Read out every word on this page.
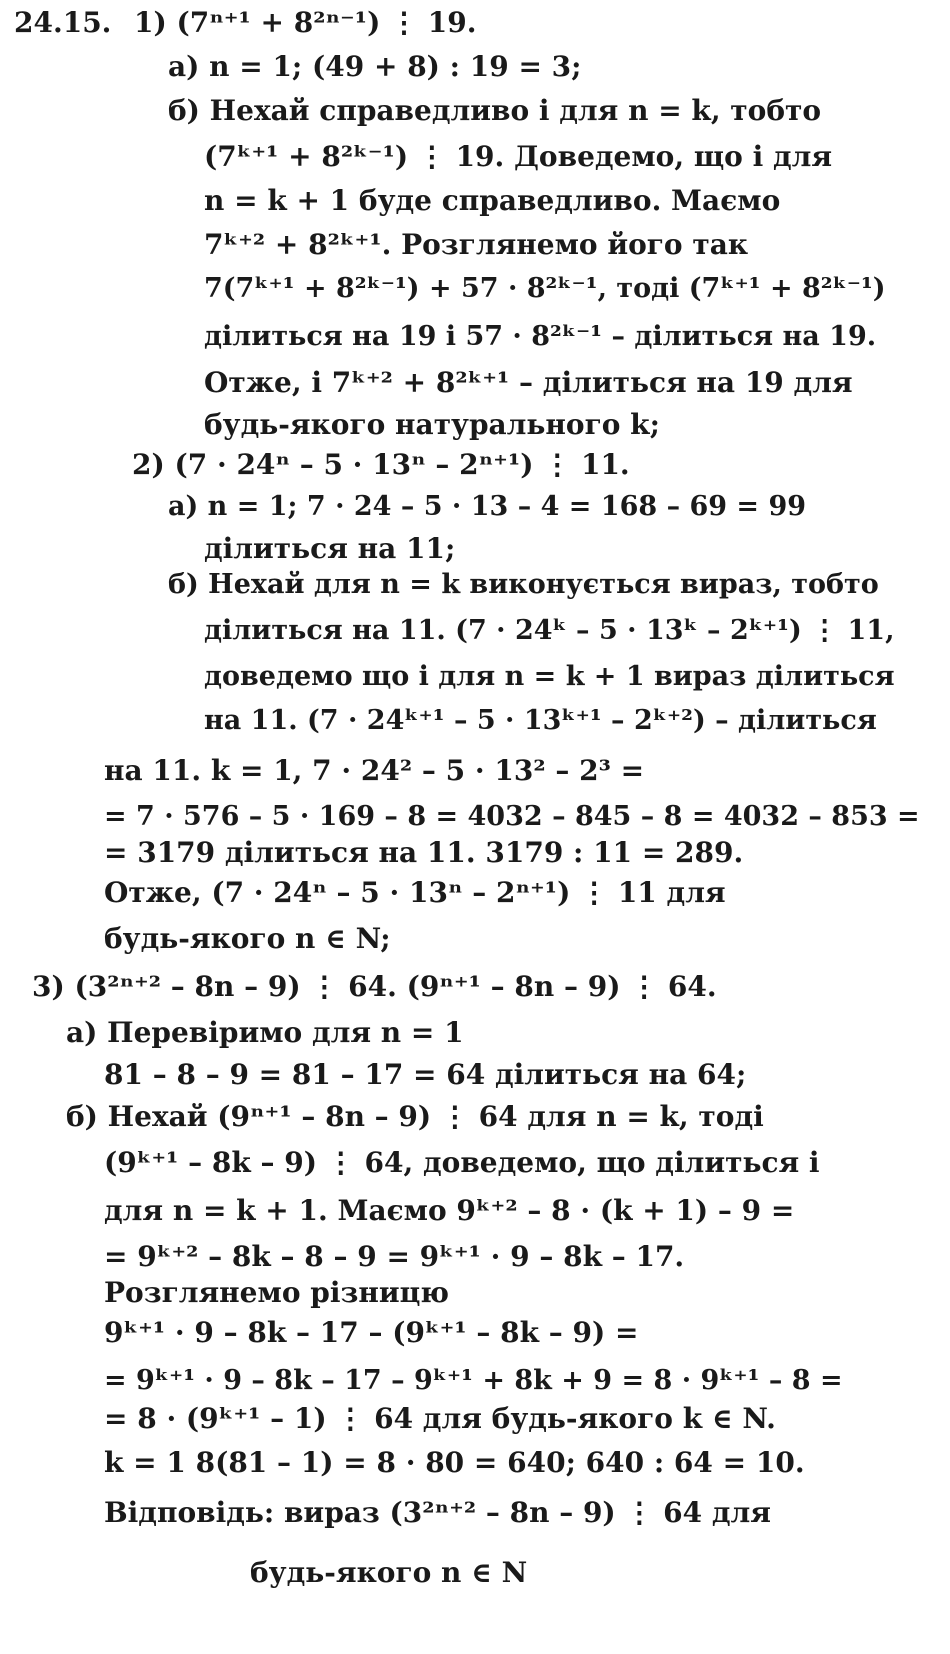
24.15. 1) (7ⁿ⁺¹ + 8²ⁿ⁻¹) ⋮ 19.
а) n = 1; (49 + 8) : 19 = 3;
б) Нехай справедливо і для n = k, тобто
(7ᵏ⁺¹ + 8²ᵏ⁻¹) ⋮ 19. Доведемо, що і для
n = k + 1 буде справедливо. Маємо
7ᵏ⁺² + 8²ᵏ⁺¹. Розглянемо його так
7(7ᵏ⁺¹ + 8²ᵏ⁻¹) + 57 · 8²ᵏ⁻¹, тоді (7ᵏ⁺¹ + 8²ᵏ⁻¹)
ділиться на 19 і 57 · 8²ᵏ⁻¹ – ділиться на 19.
Отже, і 7ᵏ⁺² + 8²ᵏ⁺¹ – ділиться на 19 для
будь-якого натурального k;
2) (7 · 24ⁿ – 5 · 13ⁿ – 2ⁿ⁺¹) ⋮ 11.
а) n = 1; 7 · 24 – 5 · 13 – 4 = 168 – 69 = 99
ділиться на 11;
б) Нехай для n = k виконується вираз, тобто
ділиться на 11. (7 · 24ᵏ – 5 · 13ᵏ – 2ᵏ⁺¹) ⋮ 11,
доведемо що і для n = k + 1 вираз ділиться
на 11. (7 · 24ᵏ⁺¹ – 5 · 13ᵏ⁺¹ – 2ᵏ⁺²) – ділиться
на 11. k = 1, 7 · 24² – 5 · 13² – 2³ =
= 7 · 576 – 5 · 169 – 8 = 4032 – 845 – 8 = 4032 – 853 =
= 3179 ділиться на 11. 3179 : 11 = 289.
Отже, (7 · 24ⁿ – 5 · 13ⁿ – 2ⁿ⁺¹) ⋮ 11 для
будь-якого n ∈ N;
3) (3²ⁿ⁺² – 8n – 9) ⋮ 64. (9ⁿ⁺¹ – 8n – 9) ⋮ 64.
а) Перевіримо для n = 1
81 – 8 – 9 = 81 – 17 = 64 ділиться на 64;
б) Нехай (9ⁿ⁺¹ – 8n – 9) ⋮ 64 для n = k, тоді
(9ᵏ⁺¹ – 8k – 9) ⋮ 64, доведемо, що ділиться і
для n = k + 1. Маємо 9ᵏ⁺² – 8 · (k + 1) – 9 =
= 9ᵏ⁺² – 8k – 8 – 9 = 9ᵏ⁺¹ · 9 – 8k – 17.
Розглянемо різницю
9ᵏ⁺¹ · 9 – 8k – 17 – (9ᵏ⁺¹ – 8k – 9) =
= 9ᵏ⁺¹ · 9 – 8k – 17 – 9ᵏ⁺¹ + 8k + 9 = 8 · 9ᵏ⁺¹ – 8 =
= 8 · (9ᵏ⁺¹ – 1) ⋮ 64 для будь-якого k ∈ N.
k = 1 8(81 – 1) = 8 · 80 = 640; 640 : 64 = 10.
Відповідь: вираз (3²ⁿ⁺² – 8n – 9) ⋮ 64 для
будь-якого n ∈ N
